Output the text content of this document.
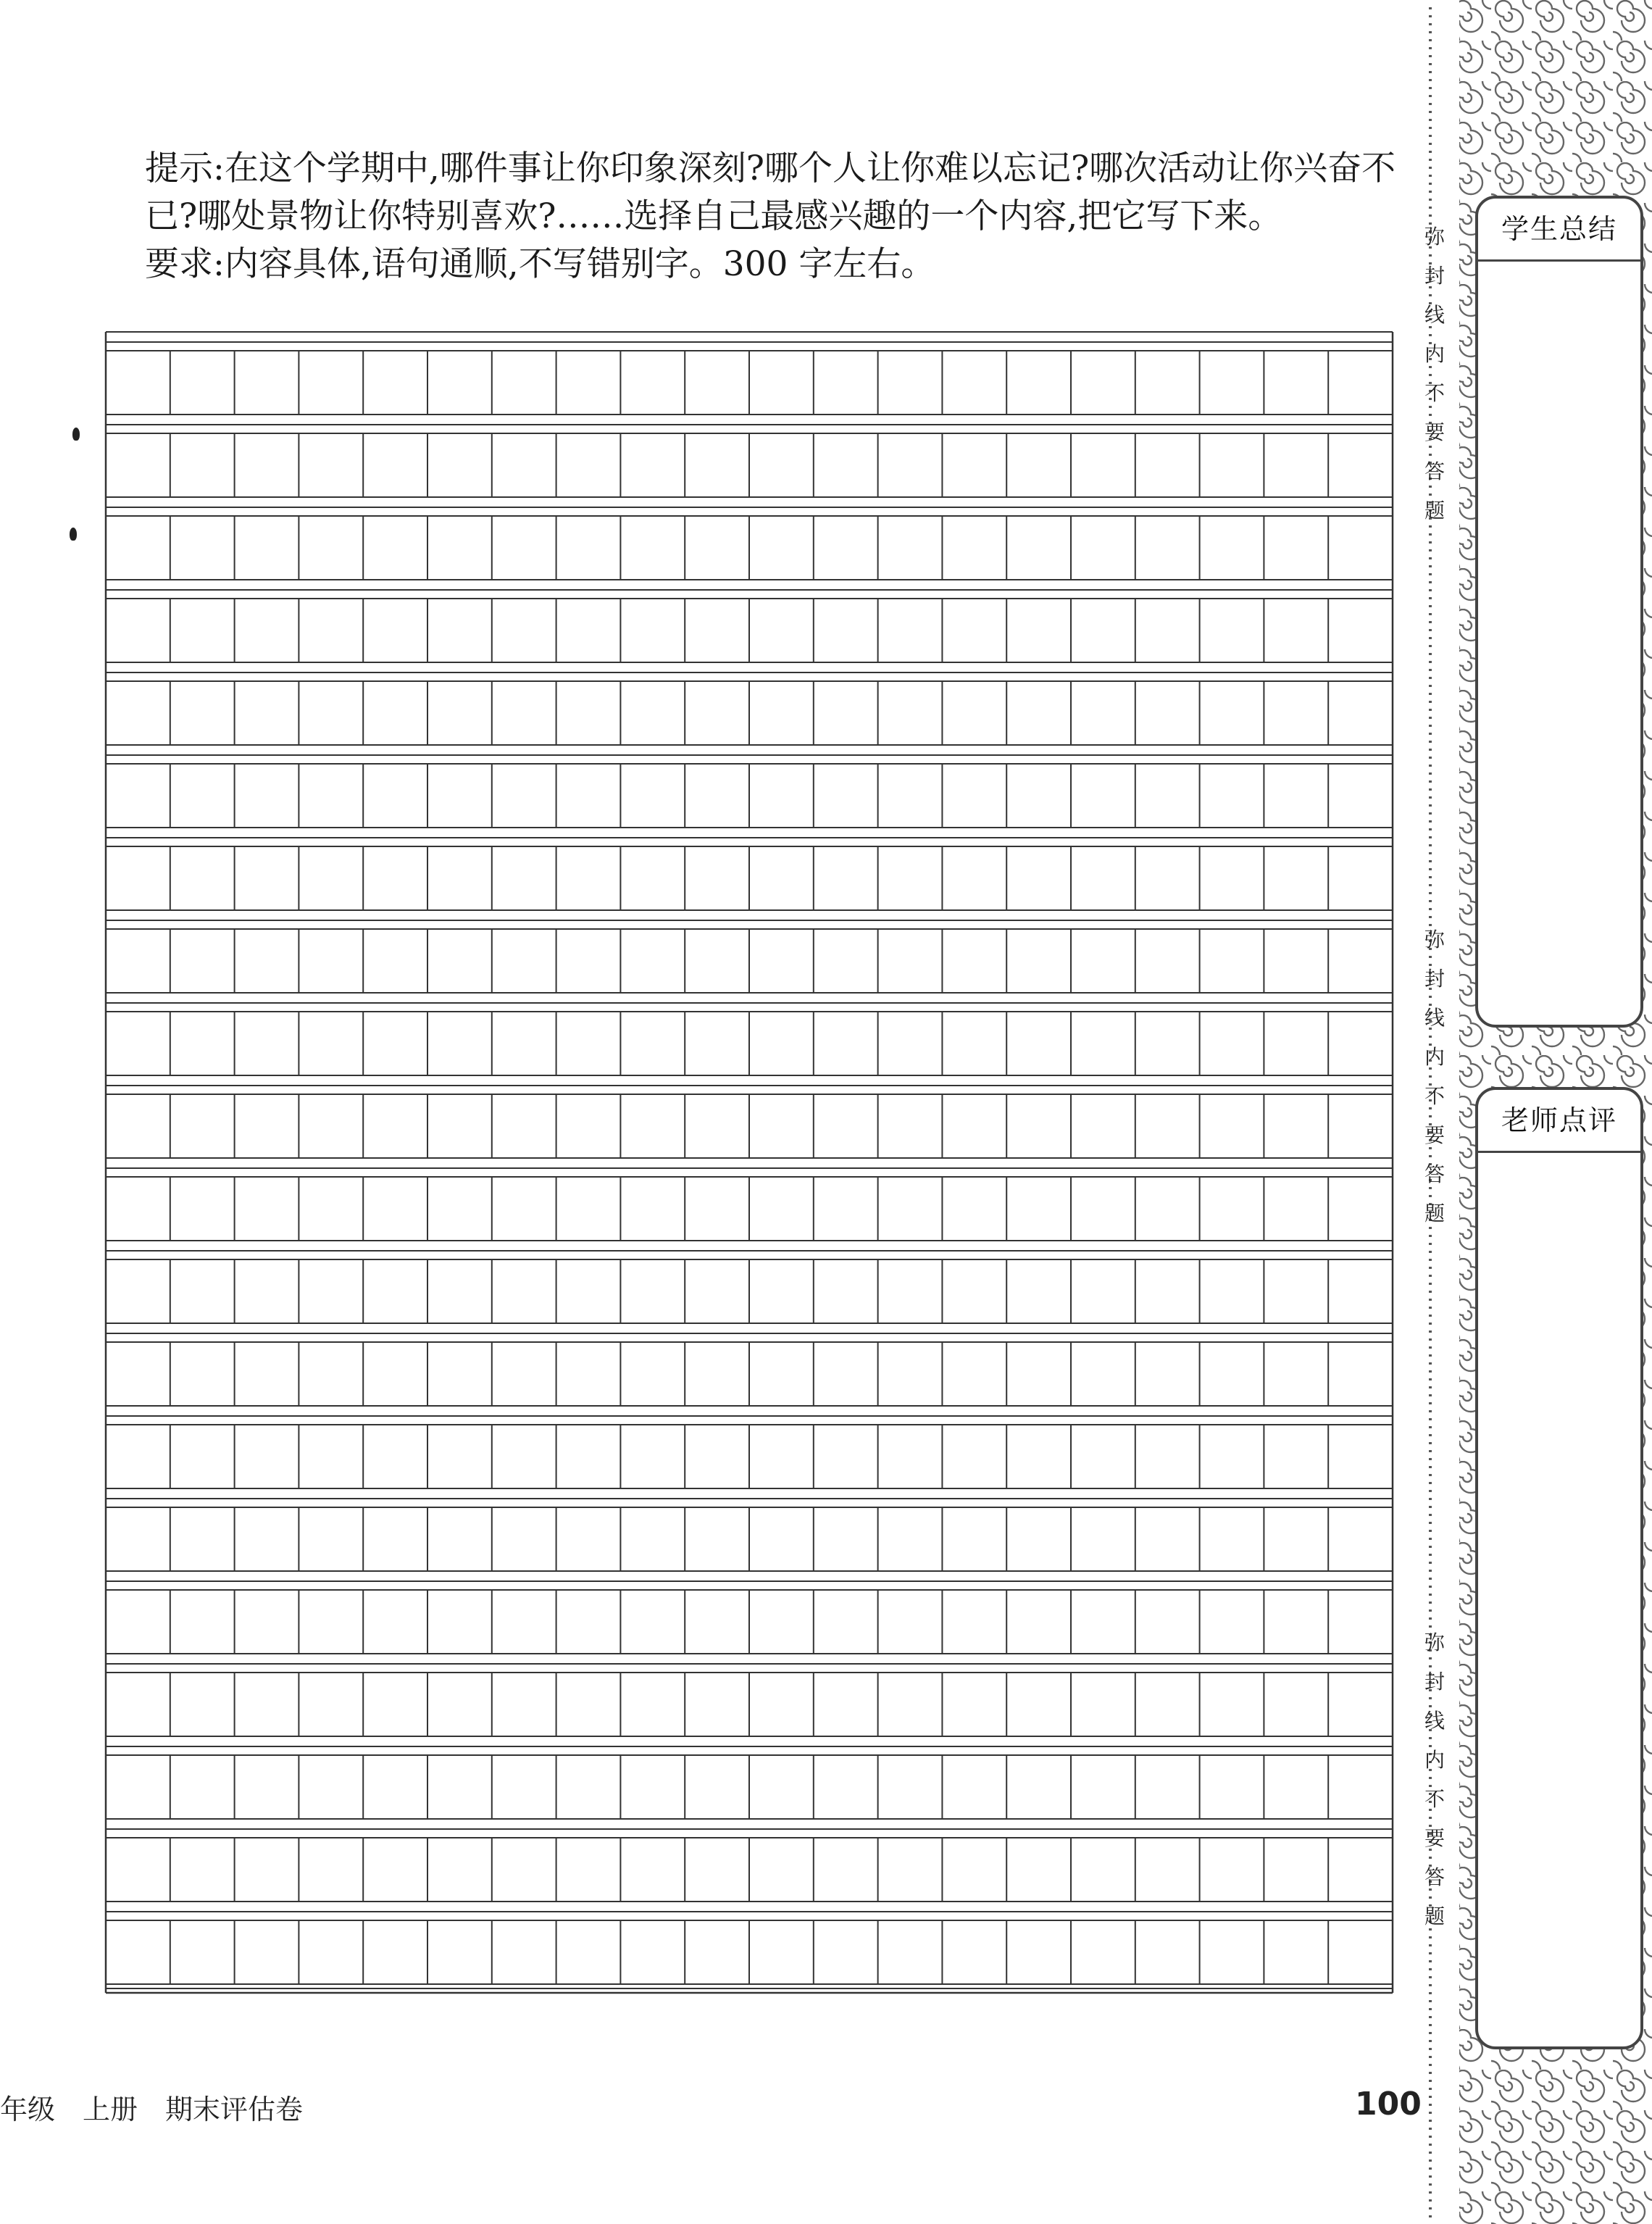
提示:在这个学期中,哪件事让你印象深刻?哪个人让你难以忘记?哪次活动让你兴奋不已?哪处景物让你特别喜欢?……选择自己最感兴趣的一个内容,把它写下来。

要求:内容具体,语句通顺,不写错别字。300 字左右。

弥
封
线
内
不
要
答
题
弥
封
线
内
不
要
答
题
弥
封
线
内
不
要
答
题
学生总结
老师点评
年级　上册　期末评估卷	100
